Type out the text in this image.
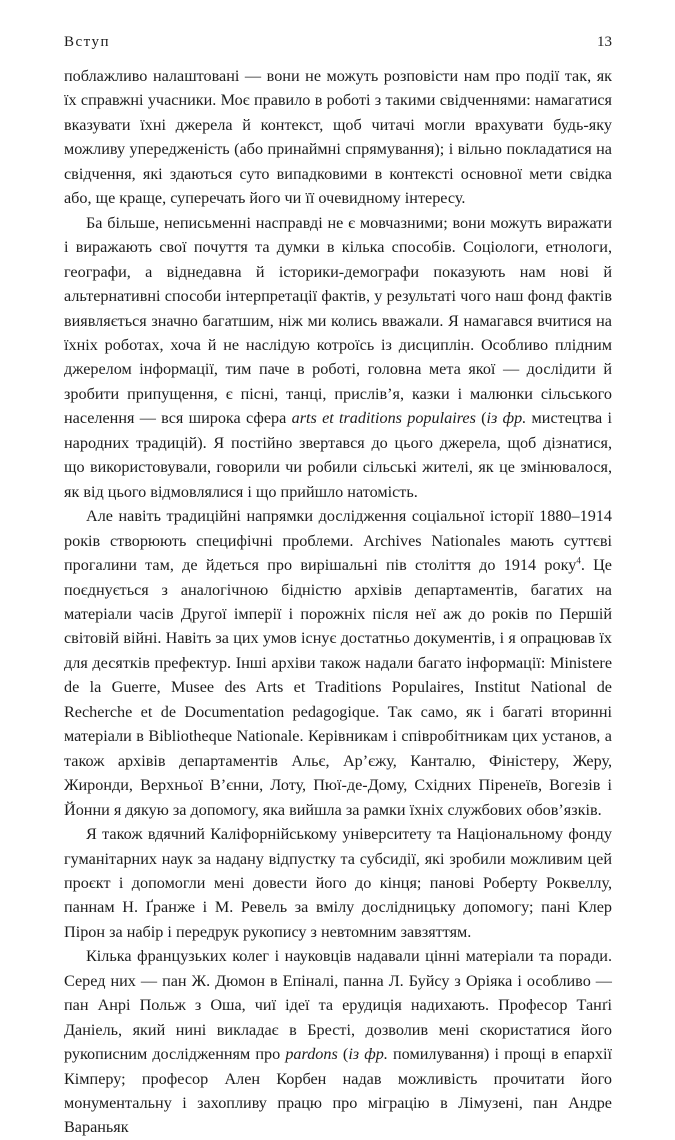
Вступ	13

поблажливо налаштовані — вони не можуть розповісти нам про події так, як їх справжні учасники. Моє правило в роботі з такими свідченнями: намагатися вказувати їхні джерела й контекст, щоб читачі могли врахувати будь-яку можливу упередженість (або принаймні спрямування); і вільно покладатися на свідчення, які здаються суто випадковими в контексті основної мети свідка або, ще краще, суперечать його чи її очевидному інтересу.

Ба більше, неписьменні насправді не є мовчазними; вони можуть виражати і виражають свої почуття та думки в кілька способів. Соціологи, етнологи, географи, а віднедавна й історики-демографи показують нам нові й альтернативні способи інтерпретації фактів, у результаті чого наш фонд фактів виявляється значно багатшим, ніж ми колись вважали. Я намагався вчитися на їхніх роботах, хоча й не наслідую котроїсь із дисциплін. Особливо плідним джерелом інформації, тим паче в роботі, головна мета якої — дослідити й зробити припущення, є пісні, танці, прислів’я, казки і малюнки сільського населення — вся широка сфера arts et traditions populaires (із фр. мистецтва і народних традицій). Я постійно звертався до цього джерела, щоб дізнатися, що використовували, говорили чи робили сільські жителі, як це змінювалося, як від цього відмовлялися і що прийшло натомість.

Але навіть традиційні напрямки дослідження соціальної історії 1880–1914 років створюють специфічні проблеми. Archives Nationales мають суттєві прогалини там, де йдеться про вирішальні пів століття до 1914 року$^4$. Це поєднується з аналогічною бідністю архівів департаментів, багатих на матеріали часів Другої імперії і порожніх після неї аж до років по Першій світовій війні. Навіть за цих умов існує достатньо документів, і я опрацював їх для десятків префектур. Інші архіви також надали багато інформації: Ministere de la Guerre, Musee des Arts et Traditions Populaires, Institut National de Recherche et de Documentation pedagogique. Так само, як і багаті вторинні матеріали в Bibliotheque Nationale. Керівникам і співробітникам цих установ, а також архівів департаментів Альє, Ар’єжу, Канталю, Фіністеру, Жеру, Жиронди, Верхньої В’єнни, Лоту, Пюї-де-Дому, Східних Піренеїв, Вогезів і Йонни я дякую за допомогу, яка вийшла за рамки їхніх службових обов’язків.

Я також вдячний Каліфорнійському університету та Національному фонду гуманітарних наук за надану відпустку та субсидії, які зробили можливим цей проєкт і допомогли мені довести його до кінця; панові Роберту Роквеллу, паннам Н. Ґранже і М. Ревель за вмілу дослідницьку допомогу; пані Клер Пірон за набір і передрук рукопису з невтомним завзяттям.

Кілька французьких колег і науковців надавали цінні матеріали та поради. Серед них — пан Ж. Дюмон в Епіналі, панна Л. Буйсу з Оріяка і особливо — пан Анрі Польж з Оша, чиї ідеї та ерудиція надихають. Професор Танґі Даніель, який нині викладає в Бресті, дозволив мені скористатися його рукописним дослідженням про pardons (із фр. помилування) і прощі в епархії Кімперу; професор Ален Корбен надав можливість прочитати його монументальну і захопливу працю про міграцію в Лімузені, пан Андре Вараньяк
